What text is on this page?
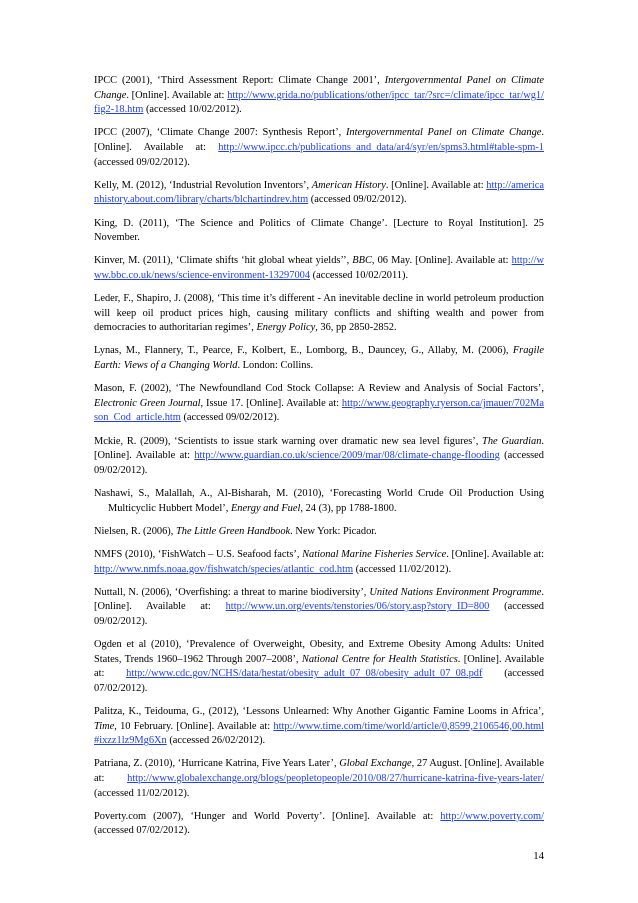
IPCC (2001), ‘Third Assessment Report: Climate Change 2001’, Intergovernmental Panel on Climate Change. [Online]. Available at: http://www.grida.no/publications/other/ipcc_tar/?src=/climate/ipcc_tar/wg1/fig2-18.htm (accessed 10/02/2012).

IPCC (2007), ‘Climate Change 2007: Synthesis Report’, Intergovernmental Panel on Climate Change. [Online]. Available at: http://www.ipcc.ch/publications_and_data/ar4/syr/en/spms3.html#table-spm-1 (accessed 09/02/2012).

Kelly, M. (2012), ‘Industrial Revolution Inventors’, American History. [Online]. Available at: http://americanhistory.about.com/library/charts/blchartindrev.htm (accessed 09/02/2012).

King, D. (2011), ‘The Science and Politics of Climate Change’. [Lecture to Royal Institution]. 25 November.

Kinver, M. (2011), ‘Climate shifts ‘hit global wheat yields’’, BBC, 06 May. [Online]. Available at: http://www.bbc.co.uk/news/science-environment-13297004 (accessed 10/02/2011).

Leder, F., Shapiro, J. (2008), ‘This time it’s different - An inevitable decline in world petroleum production will keep oil product prices high, causing military conflicts and shifting wealth and power from democracies to authoritarian regimes’, Energy Policy, 36, pp 2850-2852.

Lynas, M., Flannery, T., Pearce, F., Kolbert, E., Lomborg, B., Dauncey, G., Allaby, M. (2006), Fragile Earth: Views of a Changing World. London: Collins.

Mason, F. (2002), ‘The Newfoundland Cod Stock Collapse: A Review and Analysis of Social Factors’, Electronic Green Journal, Issue 17. [Online]. Available at: http://www.geography.ryerson.ca/jmauer/702Mason_Cod_article.htm (accessed 09/02/2012).

Mckie, R. (2009), ‘Scientists to issue stark warning over dramatic new sea level figures’, The Guardian. [Online]. Available at: http://www.guardian.co.uk/science/2009/mar/08/climate-change-flooding (accessed 09/02/2012).

Nashawi, S., Malallah, A., Al-Bisharah, M. (2010), ‘Forecasting World Crude Oil Production Using Multicyclic Hubbert Model’, Energy and Fuel, 24 (3), pp 1788-1800.

Nielsen, R. (2006), The Little Green Handbook. New York: Picador.

NMFS (2010), ‘FishWatch – U.S. Seafood facts’, National Marine Fisheries Service. [Online]. Available at: http://www.nmfs.noaa.gov/fishwatch/species/atlantic_cod.htm (accessed 11/02/2012).

Nuttall, N. (2006), ‘Overfishing: a threat to marine biodiversity’, United Nations Environment Programme. [Online]. Available at: http://www.un.org/events/tenstories/06/story.asp?story_ID=800 (accessed 09/02/2012).

Ogden et al (2010), ‘Prevalence of Overweight, Obesity, and Extreme Obesity Among Adults: United States, Trends 1960–1962 Through 2007–2008’, National Centre for Health Statistics. [Online]. Available at: http://www.cdc.gov/NCHS/data/hestat/obesity_adult_07_08/obesity_adult_07_08.pdf (accessed 07/02/2012).

Palitza, K., Teidouma, G., (2012), ‘Lessons Unlearned: Why Another Gigantic Famine Looms in Africa’, Time, 10 February. [Online]. Available at: http://www.time.com/time/world/article/0,8599,2106546,00.html#ixzz1lz9Mg6Xn (accessed 26/02/2012).

Patriana, Z. (2010), ‘Hurricane Katrina, Five Years Later’, Global Exchange, 27 August. [Online]. Available at: http://www.globalexchange.org/blogs/peopletopeople/2010/08/27/hurricane-katrina-five-years-later/ (accessed 11/02/2012).

Poverty.com (2007), ‘Hunger and World Poverty’. [Online]. Available at: http://www.poverty.com/ (accessed 07/02/2012).

14
